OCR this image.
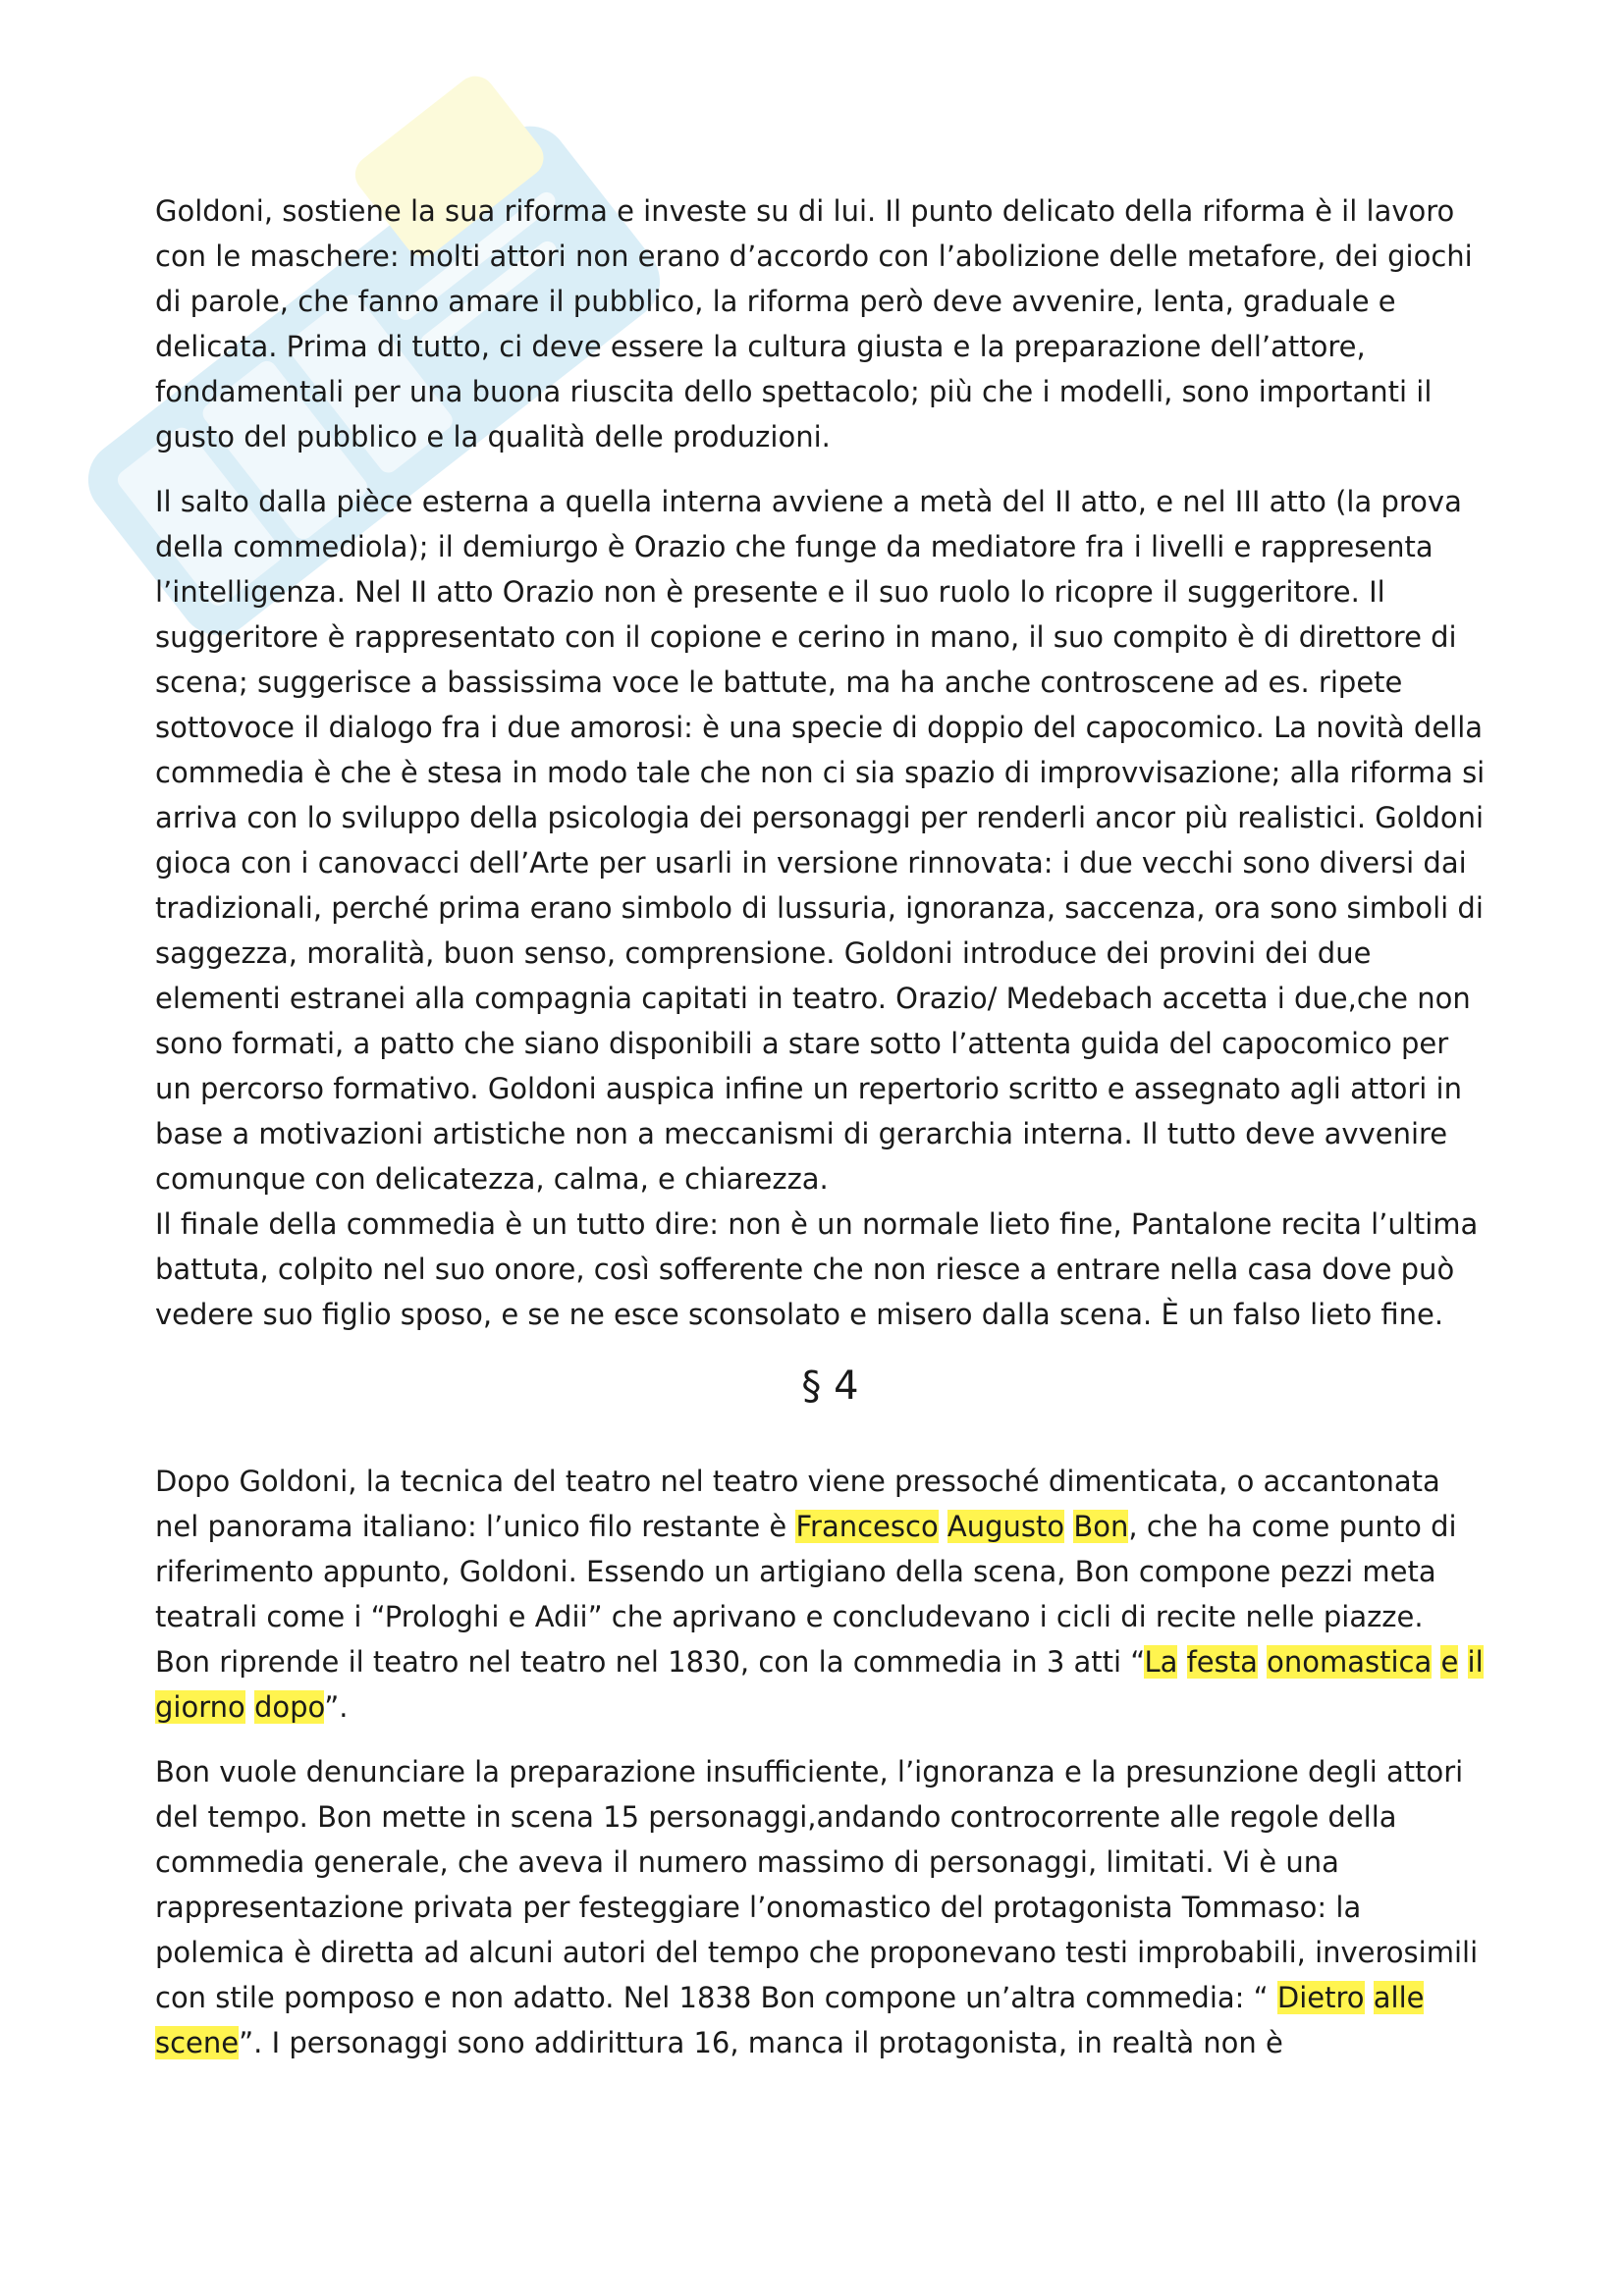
Goldoni, sostiene la sua riforma e investe su di lui. Il punto delicato della riforma è il lavoro con le maschere: molti attori non erano d’accordo con l’abolizione delle metafore, dei giochi di parole, che fanno amare il pubblico, la riforma però deve avvenire, lenta, graduale e delicata. Prima di tutto, ci deve essere la cultura giusta e la preparazione dell’attore, fondamentali per una buona riuscita dello spettacolo; più che i modelli, sono importanti il gusto del pubblico e la qualità delle produzioni.

Il salto dalla pièce esterna a quella interna avviene a metà del II atto, e nel III atto (la prova della commediola); il demiurgo è Orazio che funge da mediatore fra i livelli e rappresenta l’intelligenza. Nel II atto Orazio non è presente e il suo ruolo lo ricopre il suggeritore. Il suggeritore è rappresentato con il copione e cerino in mano, il suo compito è di direttore di scena; suggerisce a bassissima voce le battute, ma ha anche controscene ad es. ripete sottovoce il dialogo fra i due amorosi: è una specie di doppio del capocomico. La novità della commedia è che è stesa in modo tale che non ci sia spazio di improvvisazione; alla riforma si arriva con lo sviluppo della psicologia dei personaggi per renderli ancor più realistici. Goldoni gioca con i canovacci dell’Arte per usarli in versione rinnovata: i due vecchi sono diversi dai tradizionali, perché prima erano simbolo di lussuria, ignoranza, saccenza, ora sono simboli di saggezza, moralità, buon senso, comprensione. Goldoni introduce dei provini dei due elementi estranei alla compagnia capitati in teatro. Orazio/ Medebach accetta i due,che non sono formati, a patto che siano disponibili a stare sotto l’attenta guida del capocomico per un percorso formativo. Goldoni auspica infine un repertorio scritto e assegnato agli attori in base a motivazioni artistiche non a meccanismi di gerarchia interna. Il tutto deve avvenire comunque con delicatezza, calma, e chiarezza.

Il finale della commedia è un tutto dire: non è un normale lieto fine, Pantalone recita l’ultima battuta, colpito nel suo onore, così sofferente che non riesce a entrare nella casa dove può vedere suo figlio sposo, e se ne esce sconsolato e misero dalla scena. È un falso lieto fine.

§ 4

Dopo Goldoni, la tecnica del teatro nel teatro viene pressoché dimenticata, o accantonata nel panorama italiano: l’unico filo restante è Francesco Augusto Bon, che ha come punto di riferimento appunto, Goldoni. Essendo un artigiano della scena, Bon compone pezzi meta teatrali come i “Prologhi e Adii” che aprivano e concludevano i cicli di recite nelle piazze. Bon riprende il teatro nel teatro nel 1830, con la commedia in 3 atti “La festa onomastica e il giorno dopo”.

Bon vuole denunciare la preparazione insufficiente, l’ignoranza e la presunzione degli attori del tempo. Bon mette in scena 15 personaggi,andando controcorrente alle regole della commedia generale, che aveva il numero massimo di personaggi, limitati. Vi è una rappresentazione privata per festeggiare l’onomastico del protagonista Tommaso: la polemica è diretta ad alcuni autori del tempo che proponevano testi improbabili, inverosimili con stile pomposo e non adatto. Nel 1838 Bon compone un’altra commedia: “ Dietro alle scene”. I personaggi sono addirittura 16, manca il protagonista, in realtà non è
